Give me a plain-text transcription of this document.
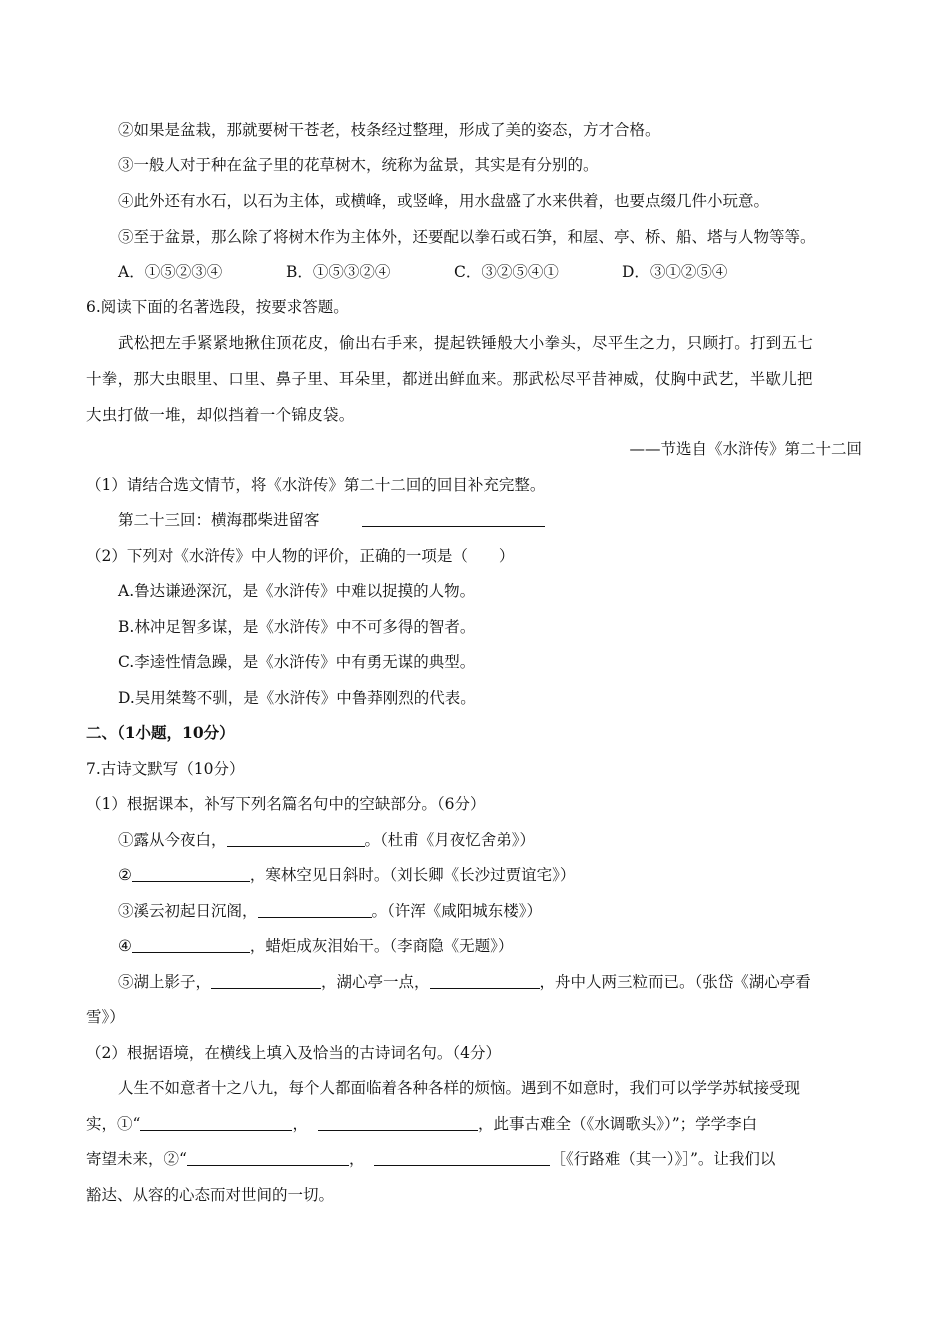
②如果是盆栽，那就要树干苍老，枝条经过整理，形成了美的姿态，方才合格。
③一般人对于种在盆子里的花草树木，统称为盆景，其实是有分别的。
④此外还有水石，以石为主体，或横峰，或竖峰，用水盘盛了水来供着，也要点缀几件小玩意。
⑤至于盆景，那么除了将树木作为主体外，还要配以拳石或石笋，和屋、亭、桥、船、塔与人物等等。
A．①⑤②③④	B．①⑤③②④	C．③②⑤④①	D．③①②⑤④
6.阅读下面的名著选段，按要求答题。
武松把左手紧紧地揪住顶花皮，偷出右手来，提起铁锤般大小拳头，尽平生之力，只顾打。打到五七
十拳，那大虫眼里、口里、鼻子里、耳朵里，都迸出鲜血来。那武松尽平昔神威，仗胸中武艺，半歇儿把
大虫打做一堆，却似挡着一个锦皮袋。
——节选自《水浒传》第二十二回
（1）请结合选文情节，将《水浒传》第二十二回的回目补充完整。
第二十三回：横海郡柴进留客
（2）下列对《水浒传》中人物的评价，正确的一项是（　　）
A.鲁达谦逊深沉，是《水浒传》中难以捉摸的人物。
B.林冲足智多谋，是《水浒传》中不可多得的智者。
C.李逵性情急躁，是《水浒传》中有勇无谋的典型。
D.吴用桀骜不驯，是《水浒传》中鲁莽刚烈的代表。
二、（1小题，10分）
7.古诗文默写（10分）
（1）根据课本，补写下列名篇名句中的空缺部分。（6分）
①露从今夜白，	。（杜甫《月夜忆舍弟》）
②	，寒林空见日斜时。（刘长卿《长沙过贾谊宅》）
③溪云初起日沉阁，	。（许浑《咸阳城东楼》）
④	，蜡炬成灰泪始干。（李商隐《无题》）
⑤湖上影子，	，湖心亭一点，	，舟中人两三粒而已。（张岱《湖心亭看
雪》）
（2）根据语境，在横线上填入及恰当的古诗词名句。（4分）
人生不如意者十之八九，每个人都面临着各种各样的烦恼。遇到不如意时，我们可以学学苏轼接受现
实，①“	，	，此事古难全（《水调歌头》）”；学学李白
寄望未来，②“	，	［《行路难（其一）》］”。让我们以
豁达、从容的心态而对世间的一切。
